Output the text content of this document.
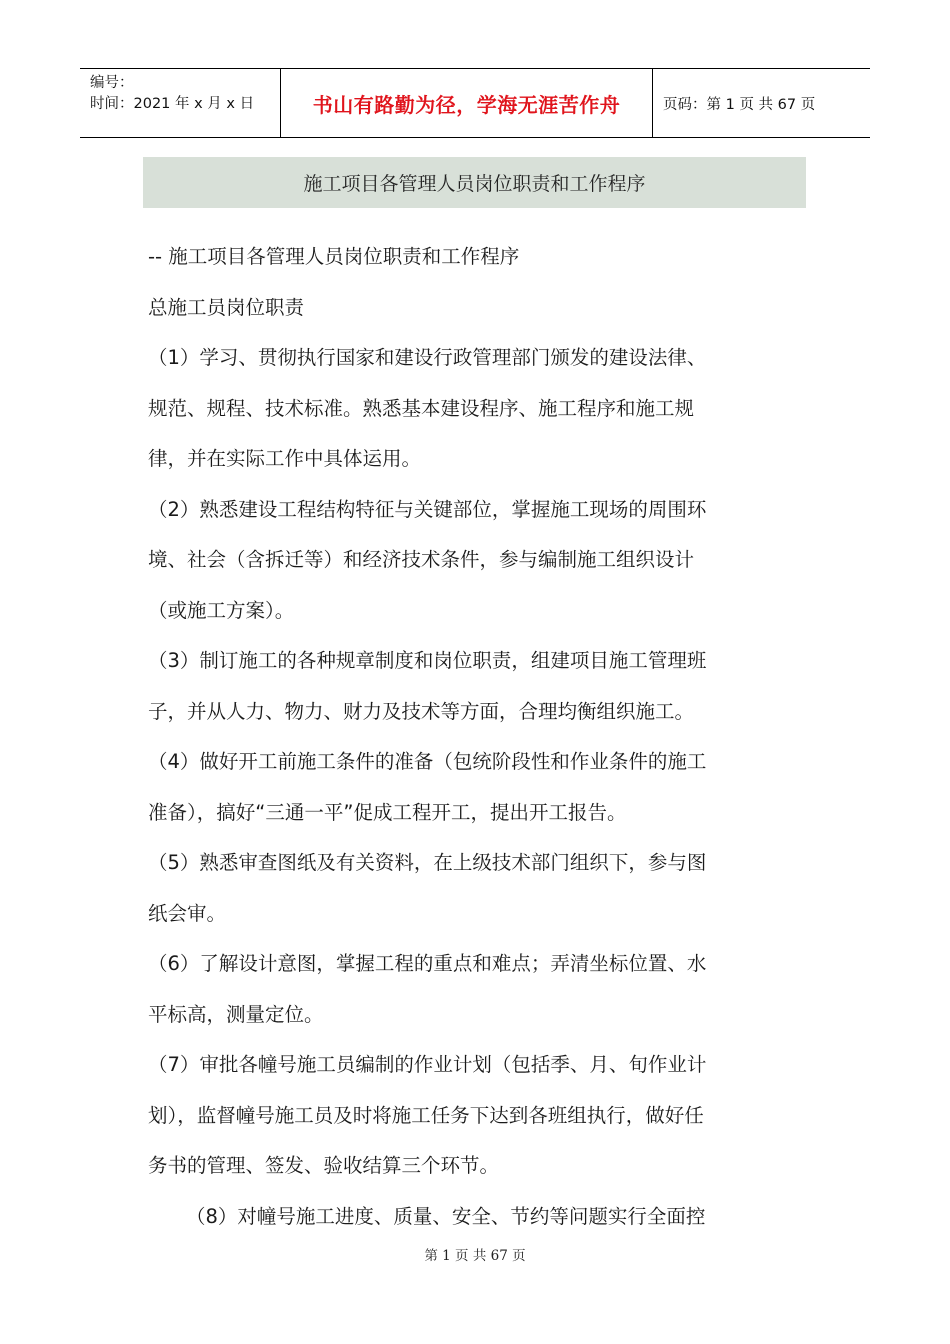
编号：
时间：2021 年 x 月 x 日	书山有路勤为径，学海无涯苦作舟	页码：第 1 页 共 67 页
施工项目各管理人员岗位职责和工作程序

-- 施工项目各管理人员岗位职责和工作程序

总施工员岗位职责

（1）学习、贯彻执行国家和建设行政管理部门颁发的建设法律、

规范、规程、技术标准。熟悉基本建设程序、施工程序和施工规

律，并在实际工作中具体运用。

（2）熟悉建设工程结构特征与关键部位，掌握施工现场的周围环

境、社会（含拆迁等）和经济技术条件，参与编制施工组织设计

（或施工方案）。

（3）制订施工的各种规章制度和岗位职责，组建项目施工管理班

子，并从人力、物力、财力及技术等方面，合理均衡组织施工。

（4）做好开工前施工条件的准备（包统阶段性和作业条件的施工

准备），搞好“三通一平”促成工程开工，提出开工报告。

（5）熟悉审查图纸及有关资料，在上级技术部门组织下，参与图

纸会审。

（6）了解设计意图，掌握工程的重点和难点；弄清坐标位置、水

平标高，测量定位。

（7）审批各幢号施工员编制的作业计划（包括季、月、旬作业计

划），监督幢号施工员及时将施工任务下达到各班组执行，做好任

务书的管理、签发、验收结算三个环节。

（8）对幢号施工进度、质量、安全、节约等问题实行全面控

第 1 页 共 67 页
